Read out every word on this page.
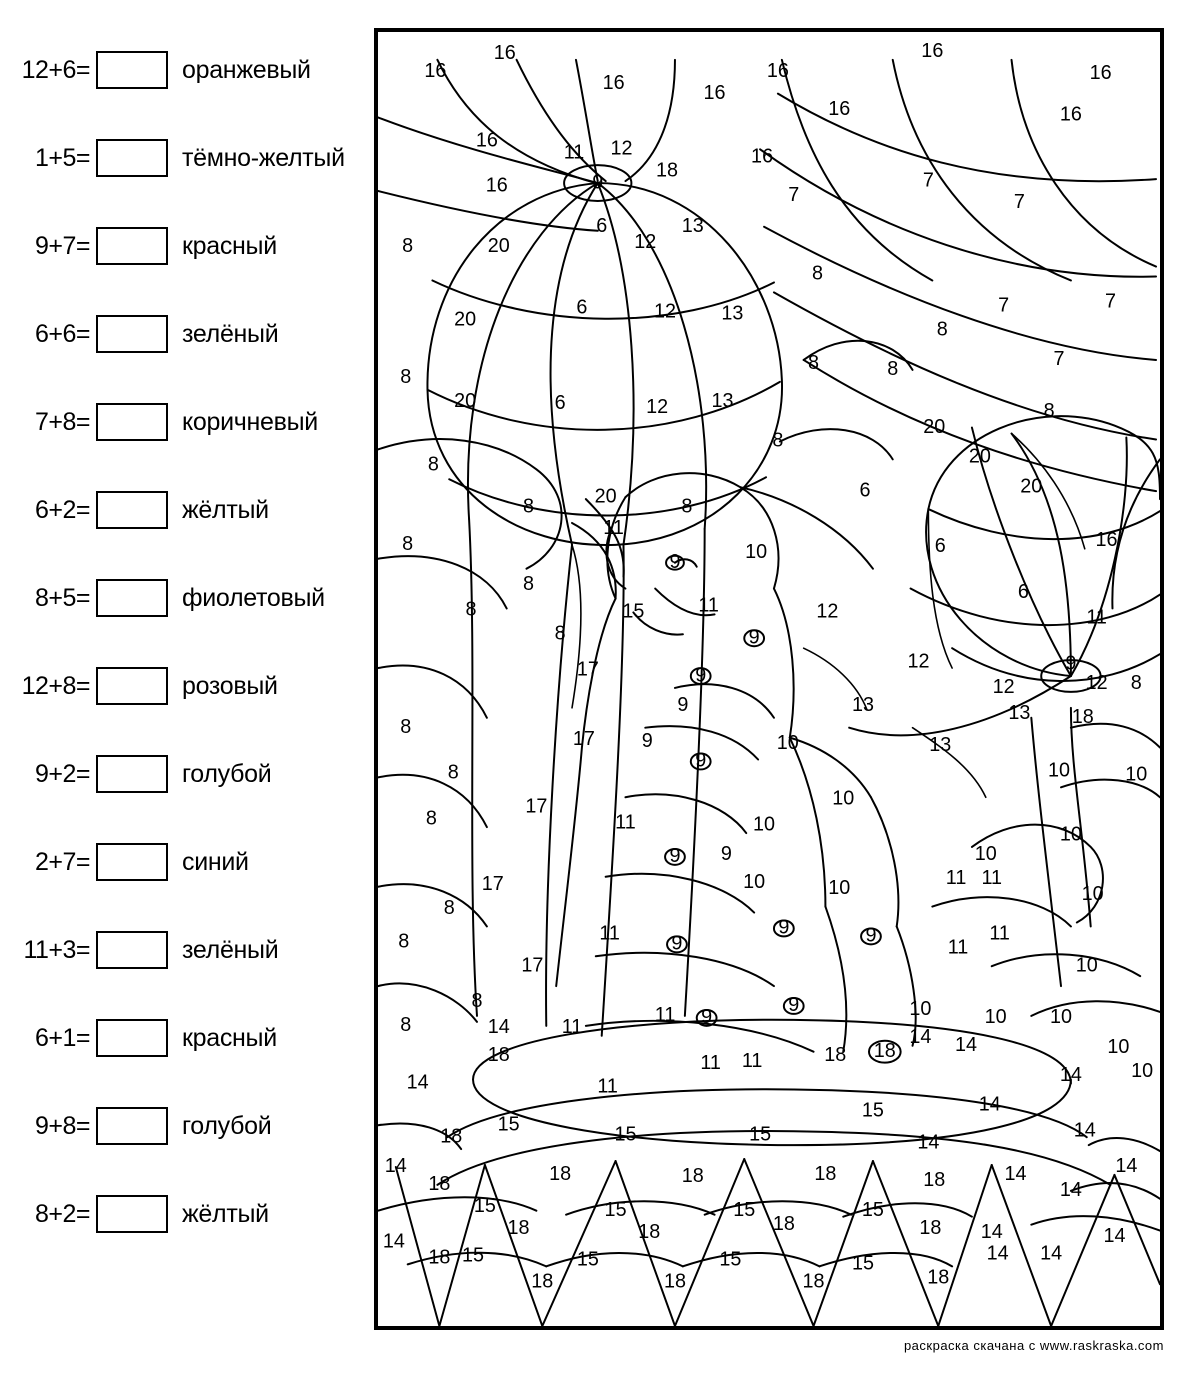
12+6=	оранжевый
1+5=	тёмно-желтый
9+7=	красный
6+6=	зелёный
7+8=	коричневый
6+2=	жёлтый
8+5=	фиолетовый
12+8=	розовый
9+2=	голубой
2+7=	синий
11+3=	зелёный
6+1=	красный
9+8=	голубой
8+2=	жёлтый
16
16
16
16
16
16
16
16	16
16
16
11 12
18
16
9
7
7
7
6	13
12
8	20
8
20
6	12 13	7	7
8
7
8
8	8
20	6	12 13
20
8
8
20
8
6	20
16
8	20	8
8
11
6
10
6
8
8
9
15	11	12	11
8	9
9
12	9
12 8
17
12
9	13	13 18
17 9	10
9
13
8
8	10	10
17	10
11	10	10
9 9	10
11
10	10	10
17
8
11	9
9
11
11
8
17	10
11 9
9	10	10 10
10
8
14	14
18
11
11
11 11	18 18	14
8
14	14 10
15	14
15	15	15	14
18	14
14
18	18	18	18	18	14
15	15	15	15
18	18	18	18 14
14
18 15	15	15	15
18	18	18	18
14 14
14
14
14
8
9
11
раскраска скачана с www.raskraska.com
